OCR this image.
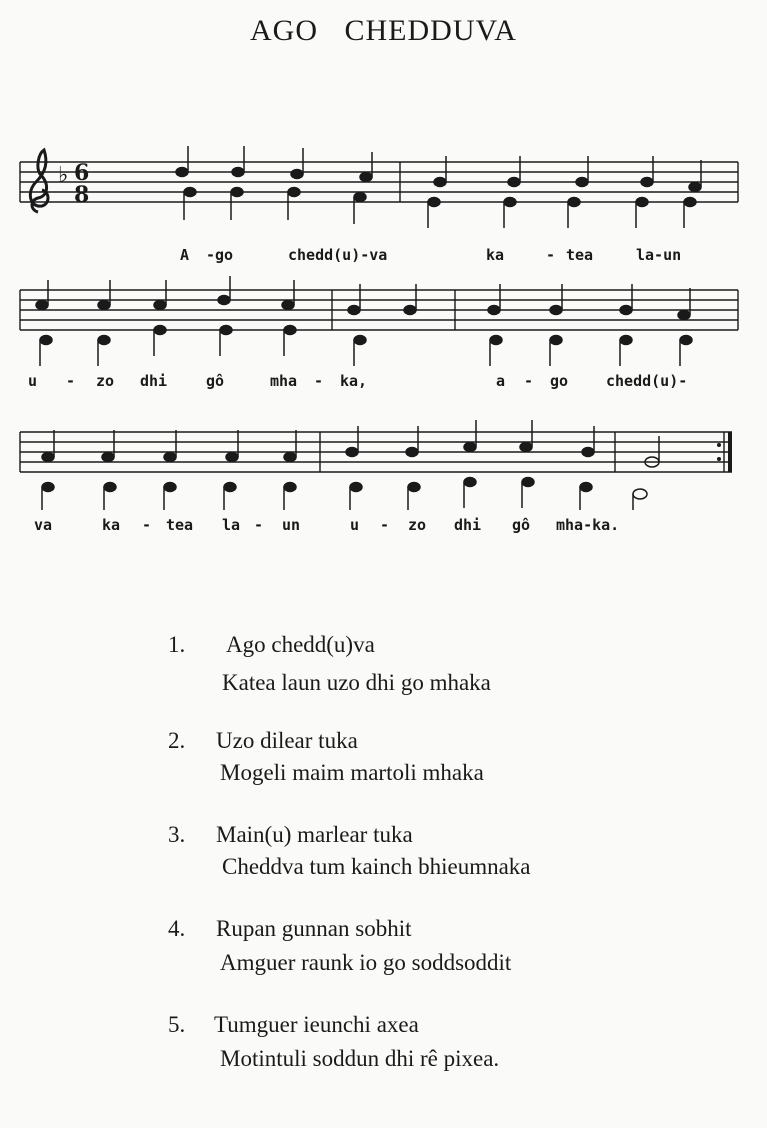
AGO CHEDDUVA
♭ 6
8
A -go	chedd(u)-va	ka	- tea	la-un
u - zo dhi	gô	mha - ka,	a - go	chedd(u)-
va	ka - tea la - un	u - zo dhi gô mha-ka.
1. Ago chedd(u)va
Katea laun uzo dhi go mhaka
2. Uzo dilear tuka
Mogeli maim martoli mhaka
3. Main(u) marlear tuka
Cheddva tum kainch bhieumnaka
4. Rupan gunnan sobhit
Amguer raunk io go soddsoddit
5. Tumguer ieunchi axea
Motintuli soddun dhi rê pixea.
